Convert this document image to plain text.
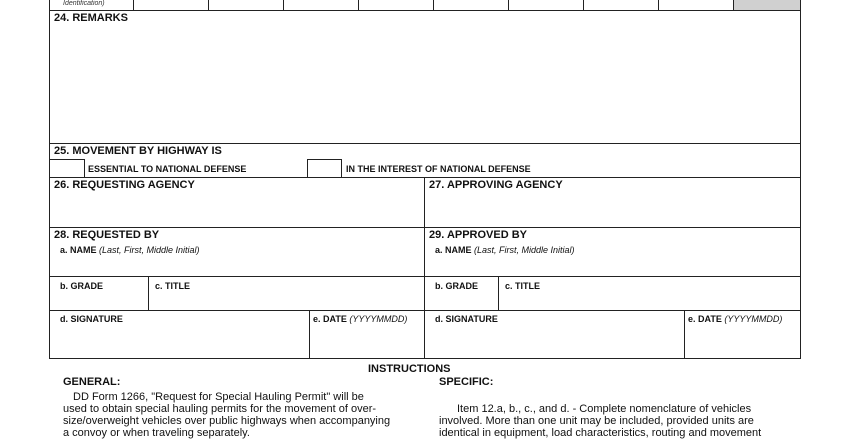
Identification)
24. REMARKS
25. MOVEMENT BY HIGHWAY IS
ESSENTIAL TO NATIONAL DEFENSE	IN THE INTEREST OF NATIONAL DEFENSE
26. REQUESTING AGENCY	27. APPROVING AGENCY
28. REQUESTED BY
a. NAME (Last, First, Middle Initial)
29. APPROVED BY
a. NAME (Last, First, Middle Initial)
b. GRADE	c. TITLE	b. GRADE	c. TITLE
d. SIGNATURE	e. DATE (YYYYMMDD)	d. SIGNATURE	e. DATE (YYYYMMDD)
INSTRUCTIONS
GENERAL:
DD Form 1266, "Request for Special Hauling Permit" will be
used to obtain special hauling permits for the movement of over-
size/overweight vehicles over public highways when accompanying
a convoy or when traveling separately.
SPECIFIC:
Item 12.a, b., c., and d. - Complete nomenclature of vehicles
involved. More than one unit may be included, provided units are
identical in equipment, load characteristics, routing and movement
